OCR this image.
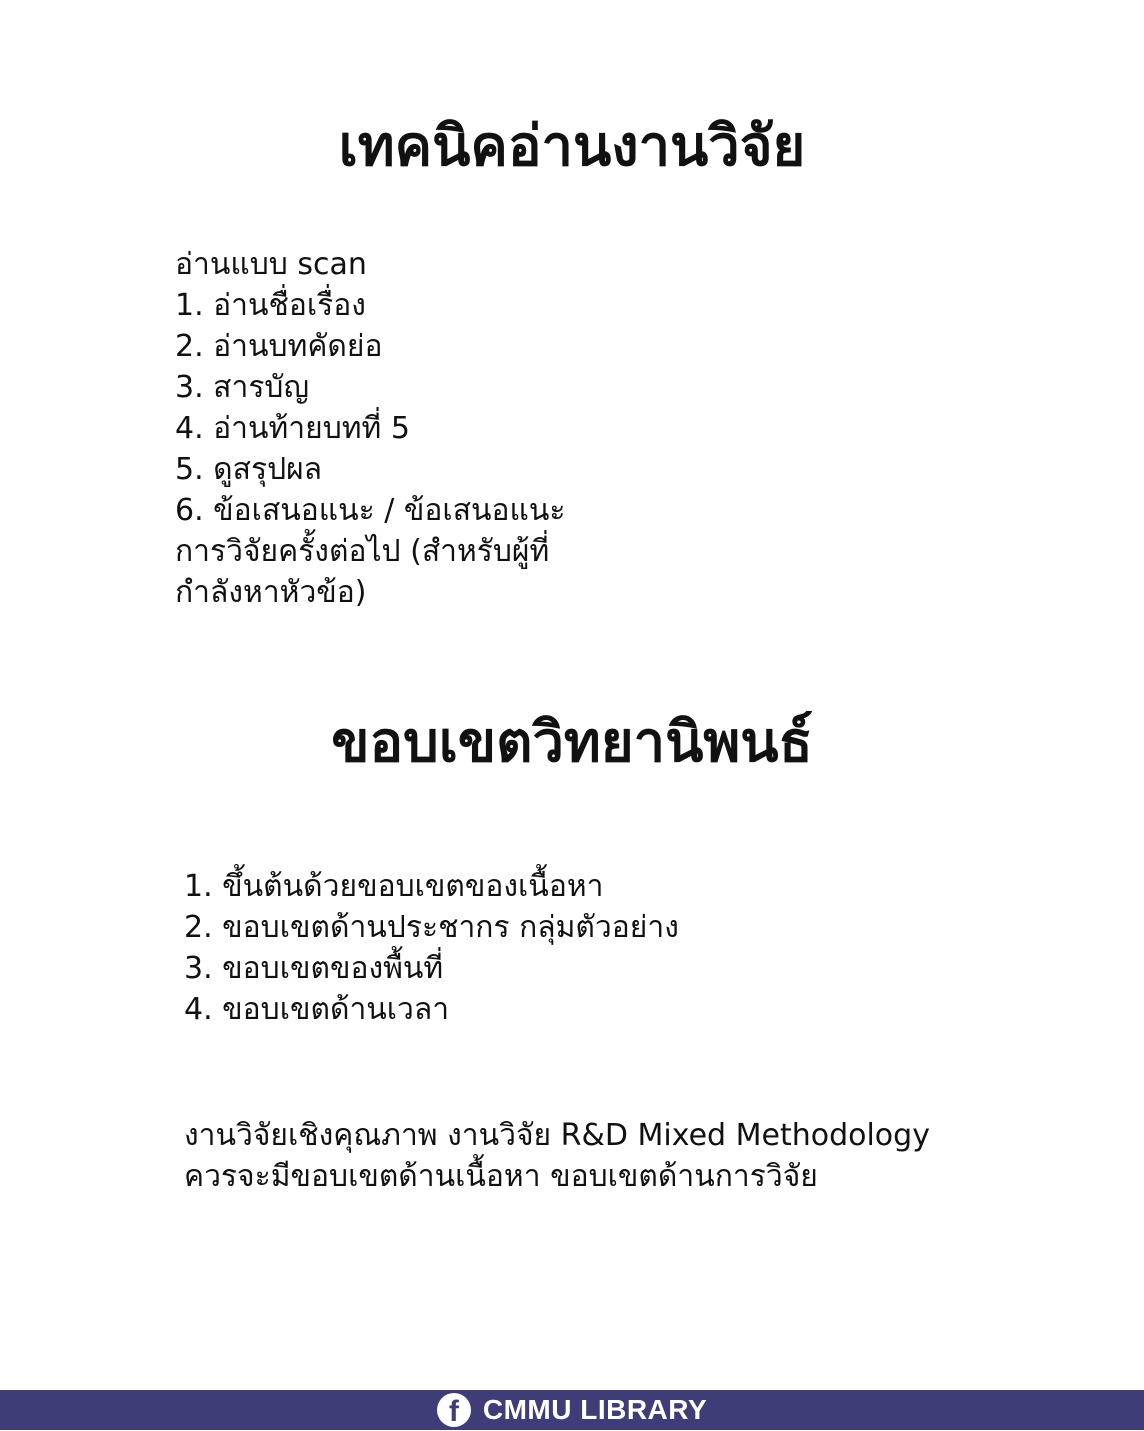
เทคนิคอ่านงานวิจัย
อ่านแบบ scan
1. อ่านชื่อเรื่อง
2. อ่านบทคัดย่อ
3. สารบัญ
4. อ่านท้ายบทที่ 5
5. ดูสรุปผล
6. ข้อเสนอแนะ / ข้อเสนอแนะการวิจัยครั้งต่อไป (สำหรับผู้ที่กำลังหาหัวข้อ)
ขอบเขตวิทยานิพนธ์
1. ขึ้นต้นด้วยขอบเขตของเนื้อหา
2. ขอบเขตด้านประชากร กลุ่มตัวอย่าง
3. ขอบเขตของพื้นที่
4. ขอบเขตด้านเวลา
งานวิจัยเชิงคุณภาพ งานวิจัย R&D Mixed Methodology
ควรจะมีขอบเขตด้านเนื้อหา ขอบเขตด้านการวิจัย
f CMMU LIBRARY
